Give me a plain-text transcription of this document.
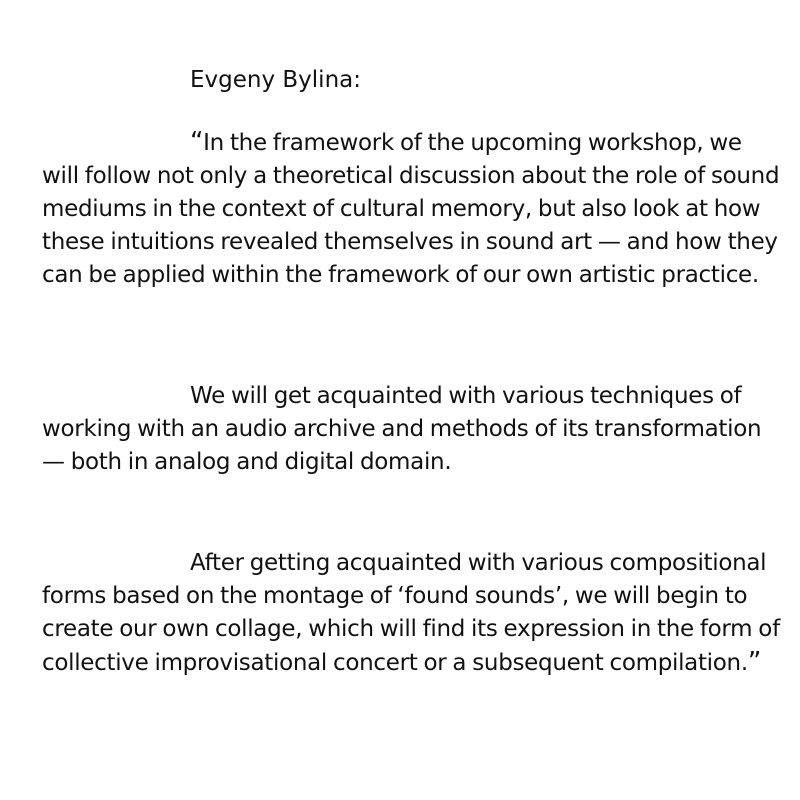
Evgeny Bylina:

“In the framework of the upcoming workshop, we will follow not only a theoretical discussion about the role of sound mediums in the context of cultural memory, but also look at how these intuitions revealed themselves in sound art — and how they can be applied within the framework of our own artistic practice.

We will get acquainted with various techniques of working with an audio archive and methods of its transformation — both in analog and digital domain.

After getting acquainted with various compositional forms based on the montage of ‘found sounds’, we will begin to create our own collage, which will find its expression in the form of collective improvisational concert or a subsequent compilation.”
